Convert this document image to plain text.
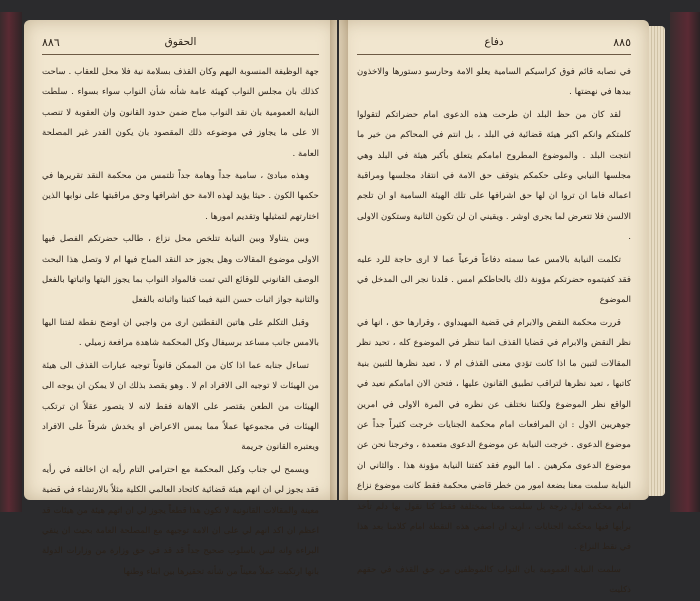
٨٨٦	الحقوق

جهة الوظيفة المنسوبة اليهم وكان القذف بسلامة نية فلا محل للعقاب . ساحت كذلك بان مجلس النواب كهيئة عامة شأنه شأن النواب سواء بسواء . سلطت النيابة العمومية بان نقد النواب مباح ضمن حدود القانون وان العقوبة لا تنصب الا على ما يجاوز في موضوعه ذلك المقصود بان يكون القدر غير المصلحة العامة .

وهذه مبادئ ، سامية جداً وهامة جداً تلتمس من محكمة النقد تقريرها في حكمها الكون . حيثا يؤيد لهذه الامة حق اشرافها وحق مراقبتها على نوابها الذين اختارتهم لتمثيلها وتقديم امورها .

وبين يتناولا وبين النيابة تتلخص محل نزاع ، طالب حضرتكم الفصل فيها الاولى موضوع المقالات وهل يجوز حد النقد المباح فيها ام لا وتصل هذا البحث الوصف القانوني للوقائع التي تمت فالمواد النواب بما يجوز اليتها واثباتها بالفعل والثانية جواز اثبات حسن النية فيما كتبنا واثباته بالفعل

وقبل التكلم على هاتين النقطتين ارى من واجبي ان اوضح نقطة لفتنا اليها بالامس جانب مساعد برسيفال وكل المحكمة شاهدة مرافعة زميلي .

تساءل جنابه عما اذا كان من الممكن قانوناً توجيه عبارات القذف الى هيئة من الهيئات لا توجيه الى الافراد ام لا . وهو يقصد بذلك ان لا يمكن ان يوجه الى الهيئات من الطعن بقتصر على الاهانة فقط لانه لا يتصور عقلاً ان ترتكب الهيئات في مجموعها عملاً مما يمس الاعراض او يخدش شرفاً على الافراد ويعتبره القانون جريمة

ويسمح لي جناب وكيل المحكمة مع احترامي التام رأيه ان اخالفه في رأيه فقد يجوز لي ان انهم هيئة قضائية كاتحاد العالمي الكلية مثلاً بالارتشاء في قضية معينة والمقالات القانونية لا تكون هذا قطعاً يجوز لي ان اتهم هيئة من هيئات قد اعظم ان اكد انهم لي على ان الامة توجيهه مع المصلحة العامة بحيث ان ينفي البراءة وانه ليس باسلوب صحيح جداً قد قد في حق وزارة من وزارات الدولة بانها ارتكبت عملاً معيناً من شأنه تحقيرها بين ابناء وطنها

٨٨٥
دفاع

في نصابه قائم فوق كراسيكم السامية يعلو الامة وحارسو دستورها والاخذون بيدها في نهضتها .

لقد كان من حظ البلد ان طرحت هذه الدعوى امام حضراتكم لتقولوا كلمتكم وانكم اكبر هيئة قضائية في البلد ، بل انتم في المحاكم من خير ما انتجت البلد . والموضوع المطروح امامكم يتعلق بأكبر هيئة في البلد وهي مجلسها النيابي وعلى حكمكم يتوقف حق الامة في انتقاد مجلسها ومراقبة اعماله فاما ان تروا ان لها حق اشرافها على تلك الهيئة السامية او ان تلجم الالسن فلا تتعرض لما يجري اوشر . ويقيني ان لن تكون الثانية وستكون الاولى .

تكلمت النيابة بالامس عما سمته دفاعاً فرعياً عما لا ارى حاجة للرد عليه فقد كفيتموه حضرتكم مؤونة ذلك بالحاطكم امس . فلدنا نجر الى المدخل في الموضوع

قررت محكمة النقض والابرام في قضية المهيداوي ، وقرارها حق ، انها في نظر النقض والابرام في قضايا القذف انما تنظر في الموضوع كله ، تحيد نظر المقالات لتبين ما اذا كانت تؤدي معنى القذف ام لا ، تعيد نظرها للتبين بنية كاتبها ، تعيد نظرها لتراقب تطبيق القانون عليها ، فتحن الان امامكم نعيد في الواقع نظر الموضوع ولكننا نختلف عن نظره في المرة الاولى في امرين جوهريين الاول : ان المرافعات امام محكمة الجنايات خرجت كثيراً جداً عن موضوع الدعوى . خرجت النيابة عن موضوع الدعوى متعمدة ، وخرجنا نحن عن موضوع الدعوى مكرهين . اما اليوم فقد كفتنا النيابة مؤونة هذا . والثاني ان النيابة سلمت معنا بضعة امور من خطر قاضي محكمة فقط كانت موضوع نزاع امام محكمة اول درجة بل سلمت معنا بمختلفة فقط كنا نقول بها دلم تأخذ برأيها فيها محكمة الجنايات ، اريد ان اصفي هذه النقطة امام كلامنا بعد هذا في نقط النزاع .

سلمت النيابة العمومية بان النواب كالموظفين من حق القذف في حقهم ذكليت
